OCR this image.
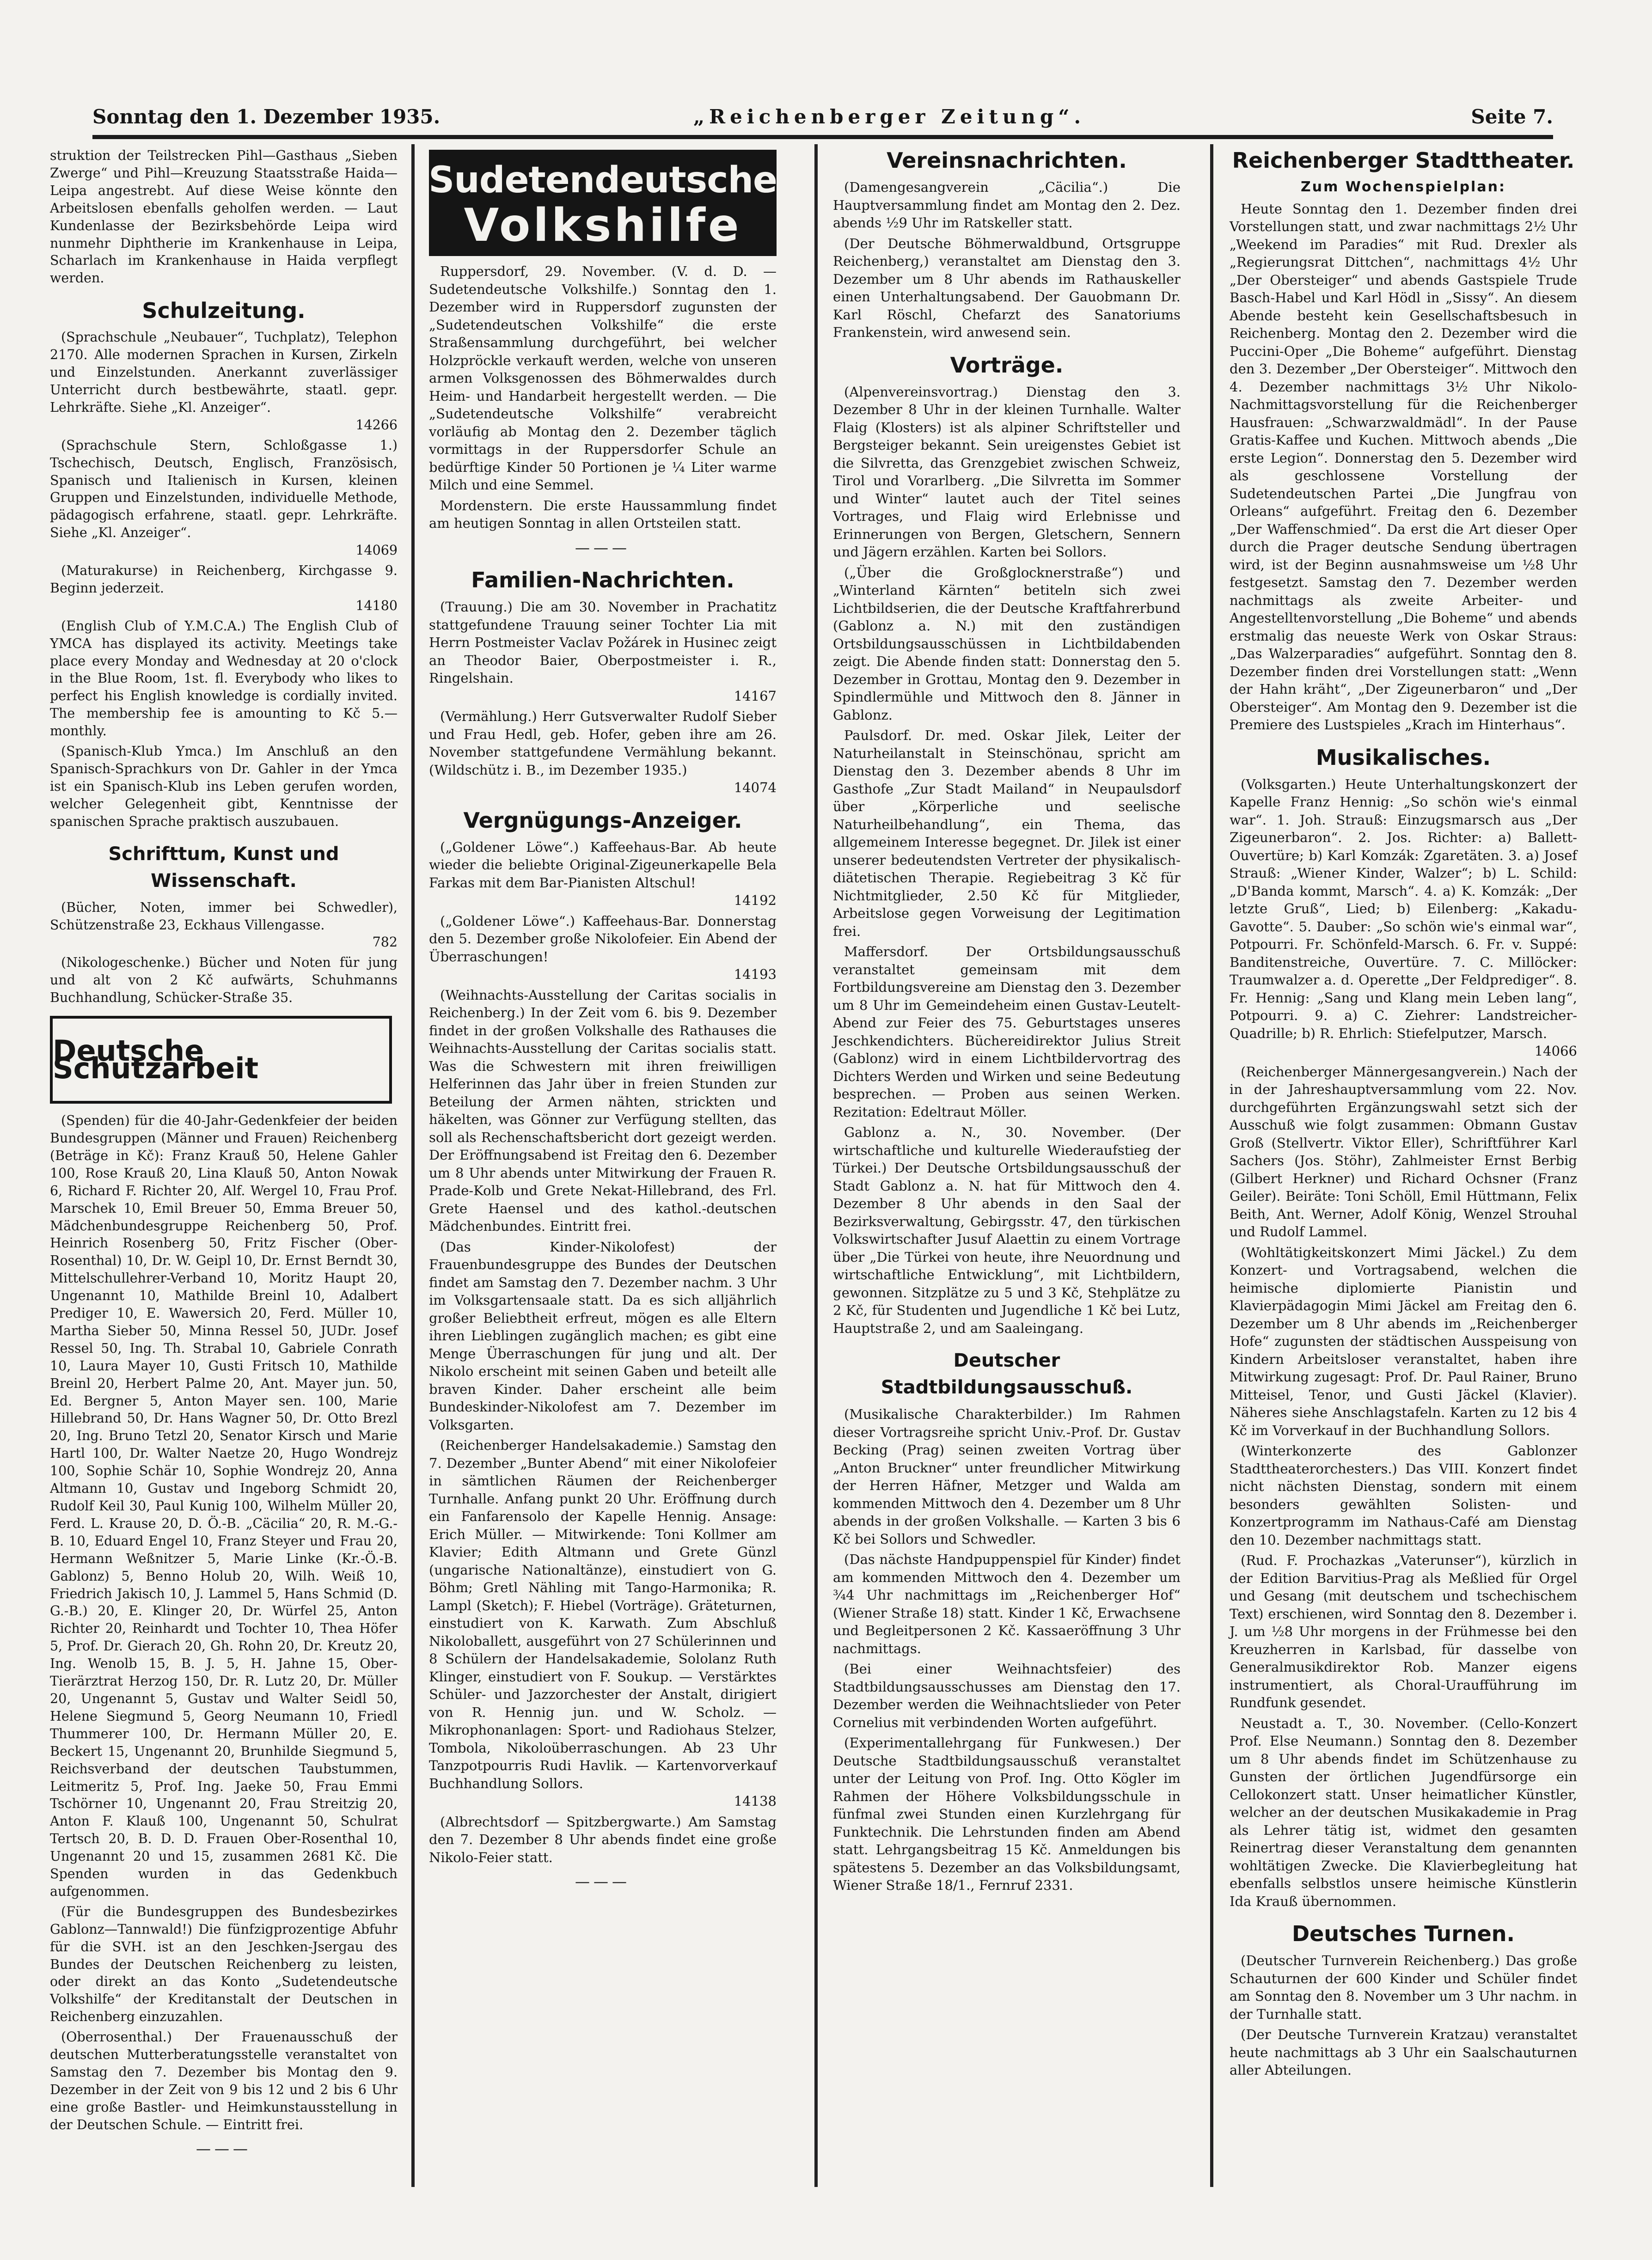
Sonntag den 1. Dezember 1935.	„Reichenberger Zeitung“.	Seite 7.

struktion der Teilstrecken Pihl—Gasthaus „Sieben Zwerge“ und Pihl—Kreuzung Staatsstraße Haida—Leipa angestrebt. Auf diese Weise könnte den Arbeitslosen ebenfalls geholfen werden. — Laut Kundenlasse der Bezirksbehörde Leipa wird nunmehr Diphtherie im Krankenhause in Leipa, Scharlach im Krankenhause in Haida verpflegt werden.

Schulzeitung.

(Sprachschule „Neubauer“, Tuchplatz), Telephon 2170. Alle modernen Sprachen in Kursen, Zirkeln und Einzelstunden. Anerkannt zuverlässiger Unterricht durch bestbewährte, staatl. gepr. Lehrkräfte. Siehe „Kl. Anzeiger“.
14266

(Sprachschule Stern, Schloßgasse 1.) Tschechisch, Deutsch, Englisch, Französisch, Spanisch und Italienisch in Kursen, kleinen Gruppen und Einzelstunden, individuelle Methode, pädagogisch erfahrene, staatl. gepr. Lehrkräfte. Siehe „Kl. Anzeiger“.
14069

(Maturakurse) in Reichenberg, Kirchgasse 9. Beginn jederzeit.
14180

(English Club of Y.M.C.A.) The English Club of YMCA has displayed its activity. Meetings take place every Monday and Wednesday at 20 o'clock in the Blue Room, 1st. fl. Everybody who likes to perfect his English knowledge is cordially invited. The membership fee is amounting to Kč 5.— monthly.

(Spanisch-Klub Ymca.) Im Anschluß an den Spanisch-Sprachkurs von Dr. Gahler in der Ymca ist ein Spanisch-Klub ins Leben gerufen worden, welcher Gelegenheit gibt, Kenntnisse der spanischen Sprache praktisch auszubauen.

Schrifttum, Kunst und Wissenschaft.

(Bücher, Noten, immer bei Schwedler), Schützenstraße 23, Eckhaus Villengasse.
782

(Nikologeschenke.) Bücher und Noten für jung und alt von 2 Kč aufwärts, Schuhmanns Buchhandlung, Schücker-Straße 35.

Deutsche Schutzarbeit

(Spenden) für die 40-Jahr-Gedenkfeier der beiden Bundesgruppen (Männer und Frauen) Reichenberg (Beträge in Kč): Franz Krauß 50, Helene Gahler 100, Rose Krauß 20, Lina Klauß 50, Anton Nowak 6, Richard F. Richter 20, Alf. Wergel 10, Frau Prof. Marschek 10, Emil Breuer 50, Emma Breuer 50, Mädchenbundesgruppe Reichenberg 50, Prof. Heinrich Rosenberg 50, Fritz Fischer (Ober-Rosenthal) 10, Dr. W. Geipl 10, Dr. Ernst Berndt 30, Mittelschullehrer-Verband 10, Moritz Haupt 20, Ungenannt 10, Mathilde Breinl 10, Adalbert Prediger 10, E. Wawersich 20, Ferd. Müller 10, Martha Sieber 50, Minna Ressel 50, JUDr. Josef Ressel 50, Ing. Th. Strabal 10, Gabriele Conrath 10, Laura Mayer 10, Gusti Fritsch 10, Mathilde Breinl 20, Herbert Palme 20, Ant. Mayer jun. 50, Ed. Bergner 5, Anton Mayer sen. 100, Marie Hillebrand 50, Dr. Hans Wagner 50, Dr. Otto Brezl 20, Ing. Bruno Tetzl 20, Senator Kirsch und Marie Hartl 100, Dr. Walter Naetze 20, Hugo Wondrejz 100, Sophie Schär 10, Sophie Wondrejz 20, Anna Altmann 10, Gustav und Ingeborg Schmidt 20, Rudolf Keil 30, Paul Kunig 100, Wilhelm Müller 20, Ferd. L. Krause 20, D. Ö.-B. „Cäcilia“ 20, R. M.-G.-B. 10, Eduard Engel 10, Franz Steyer und Frau 20, Hermann Weßnitzer 5, Marie Linke (Kr.-Ö.-B. Gablonz) 5, Benno Holub 20, Wilh. Weiß 10, Friedrich Jakisch 10, J. Lammel 5, Hans Schmid (D. G.-B.) 20, E. Klinger 20, Dr. Würfel 25, Anton Richter 20, Reinhardt und Tochter 10, Thea Höfer 5, Prof. Dr. Gierach 20, Gh. Rohn 20, Dr. Kreutz 20, Ing. Wenolb 15, B. J. 5, H. Jahne 15, Ober-Tierärztrat Herzog 150, Dr. R. Lutz 20, Dr. Müller 20, Ungenannt 5, Gustav und Walter Seidl 50, Helene Siegmund 5, Georg Neumann 10, Friedl Thummerer 100, Dr. Hermann Müller 20, E. Beckert 15, Ungenannt 20, Brunhilde Siegmund 5, Reichsverband der deutschen Taubstummen, Leitmeritz 5, Prof. Ing. Jaeke 50, Frau Emmi Tschörner 10, Ungenannt 20, Frau Streitzig 20, Anton F. Klauß 100, Ungenannt 50, Schulrat Tertsch 20, B. D. D. Frauen Ober-Rosenthal 10, Ungenannt 20 und 15, zusammen 2681 Kč. Die Spenden wurden in das Gedenkbuch aufgenommen.

(Für die Bundesgruppen des Bundesbezirkes Gablonz—Tannwald!) Die fünfzigprozentige Abfuhr für die SVH. ist an den Jeschken-Jsergau des Bundes der Deutschen Reichenberg zu leisten, oder direkt an das Konto „Sudetendeutsche Volkshilfe“ der Kreditanstalt der Deutschen in Reichenberg einzuzahlen.

(Oberrosenthal.) Der Frauenausschuß der deutschen Mutterberatungsstelle veranstaltet von Samstag den 7. Dezember bis Montag den 9. Dezember in der Zeit von 9 bis 12 und 2 bis 6 Uhr eine große Bastler- und Heimkunstausstellung in der Deutschen Schule. — Eintritt frei.

———
Sudetendeutsche
Volkshilfe

Ruppersdorf, 29. November. (V. d. D. — Sudetendeutsche Volkshilfe.) Sonntag den 1. Dezember wird in Ruppersdorf zugunsten der „Sudetendeutschen Volkshilfe“ die erste Straßensammlung durchgeführt, bei welcher Holzpröckle verkauft werden, welche von unseren armen Volksgenossen des Böhmerwaldes durch Heim- und Handarbeit hergestellt werden. — Die „Sudetendeutsche Volkshilfe“ verabreicht vorläufig ab Montag den 2. Dezember täglich vormittags in der Ruppersdorfer Schule an bedürftige Kinder 50 Portionen je ¼ Liter warme Milch und eine Semmel.

Mordenstern. Die erste Haussammlung findet am heutigen Sonntag in allen Ortsteilen statt.

———
Familien-Nachrichten.

(Trauung.) Die am 30. November in Prachatitz stattgefundene Trauung seiner Tochter Lia mit Herrn Postmeister Vaclav Požárek in Husinec zeigt an Theodor Baier, Oberpostmeister i. R., Ringelshain.
14167

(Vermählung.) Herr Gutsverwalter Rudolf Sieber und Frau Hedl, geb. Hofer, geben ihre am 26. November stattgefundene Vermählung bekannt. (Wildschütz i. B., im Dezember 1935.)
14074

Vergnügungs-Anzeiger.

(„Goldener Löwe“.) Kaffeehaus-Bar. Ab heute wieder die beliebte Original-Zigeunerkapelle Bela Farkas mit dem Bar-Pianisten Altschul!
14192

(„Goldener Löwe“.) Kaffeehaus-Bar. Donnerstag den 5. Dezember große Nikolofeier. Ein Abend der Überraschungen!
14193

(Weihnachts-Ausstellung der Caritas socialis in Reichenberg.) In der Zeit vom 6. bis 9. Dezember findet in der großen Volkshalle des Rathauses die Weihnachts-Ausstellung der Caritas socialis statt. Was die Schwestern mit ihren freiwilligen Helferinnen das Jahr über in freien Stunden zur Beteilung der Armen nähten, strickten und häkelten, was Gönner zur Verfügung stellten, das soll als Rechenschaftsbericht dort gezeigt werden. Der Eröffnungsabend ist Freitag den 6. Dezember um 8 Uhr abends unter Mitwirkung der Frauen R. Prade-Kolb und Grete Nekat-Hillebrand, des Frl. Grete Haensel und des kathol.-deutschen Mädchenbundes. Eintritt frei.

(Das Kinder-Nikolofest) der Frauenbundesgruppe des Bundes der Deutschen findet am Samstag den 7. Dezember nachm. 3 Uhr im Volksgartensaale statt. Da es sich alljährlich großer Beliebtheit erfreut, mögen es alle Eltern ihren Lieblingen zugänglich machen; es gibt eine Menge Überraschungen für jung und alt. Der Nikolo erscheint mit seinen Gaben und beteilt alle braven Kinder. Daher erscheint alle beim Bundeskinder-Nikolofest am 7. Dezember im Volksgarten.

(Reichenberger Handelsakademie.) Samstag den 7. Dezember „Bunter Abend“ mit einer Nikolofeier in sämtlichen Räumen der Reichenberger Turnhalle. Anfang punkt 20 Uhr. Eröffnung durch ein Fanfarensolo der Kapelle Hennig. Ansage: Erich Müller. — Mitwirkende: Toni Kollmer am Klavier; Edith Altmann und Grete Günzl (ungarische Nationaltänze), einstudiert von G. Böhm; Gretl Nähling mit Tango-Harmonika; R. Lampl (Sketch); F. Hiebel (Vorträge). Gräteturnen, einstudiert von K. Karwath. Zum Abschluß Nikoloballett, ausgeführt von 27 Schülerinnen und 8 Schülern der Handelsakademie, Sololanz Ruth Klinger, einstudiert von F. Soukup. — Verstärktes Schüler- und Jazzorchester der Anstalt, dirigiert von R. Hennig jun. und W. Scholz. — Mikrophonanlagen: Sport- und Radiohaus Stelzer, Tombola, Nikoloüberraschungen. Ab 23 Uhr Tanzpotpourris Rudi Havlik. — Kartenvorverkauf Buchhandlung Sollors.
14138

(Albrechtsdorf — Spitzbergwarte.) Am Samstag den 7. Dezember 8 Uhr abends findet eine große Nikolo-Feier statt.

———
Vereinsnachrichten.

(Damengesangverein „Cäcilia“.) Die Hauptversammlung findet am Montag den 2. Dez. abends ½9 Uhr im Ratskeller statt.

(Der Deutsche Böhmerwaldbund, Ortsgruppe Reichenberg,) veranstaltet am Dienstag den 3. Dezember um 8 Uhr abends im Rathauskeller einen Unterhaltungsabend. Der Gauobmann Dr. Karl Röschl, Chefarzt des Sanatoriums Frankenstein, wird anwesend sein.

Vorträge.

(Alpenvereinsvortrag.) Dienstag den 3. Dezember 8 Uhr in der kleinen Turnhalle. Walter Flaig (Klosters) ist als alpiner Schriftsteller und Bergsteiger bekannt. Sein ureigenstes Gebiet ist die Silvretta, das Grenzgebiet zwischen Schweiz, Tirol und Vorarlberg. „Die Silvretta im Sommer und Winter“ lautet auch der Titel seines Vortrages, und Flaig wird Erlebnisse und Erinnerungen von Bergen, Gletschern, Sennern und Jägern erzählen. Karten bei Sollors.

(„Über die Großglocknerstraße“) und „Winterland Kärnten“ betiteln sich zwei Lichtbildserien, die der Deutsche Kraftfahrerbund (Gablonz a. N.) mit den zuständigen Ortsbildungsausschüssen in Lichtbildabenden zeigt. Die Abende finden statt: Donnerstag den 5. Dezember in Grottau, Montag den 9. Dezember in Spindlermühle und Mittwoch den 8. Jänner in Gablonz.

Paulsdorf. Dr. med. Oskar Jilek, Leiter der Naturheilanstalt in Steinschönau, spricht am Dienstag den 3. Dezember abends 8 Uhr im Gasthofe „Zur Stadt Mailand“ in Neupaulsdorf über „Körperliche und seelische Naturheilbehandlung“, ein Thema, das allgemeinem Interesse begegnet. Dr. Jilek ist einer unserer bedeutendsten Vertreter der physikalisch-diätetischen Therapie. Regiebeitrag 3 Kč für Nichtmitglieder, 2.50 Kč für Mitglieder, Arbeitslose gegen Vorweisung der Legitimation frei.

Maffersdorf. Der Ortsbildungsausschuß veranstaltet gemeinsam mit dem Fortbildungsvereine am Dienstag den 3. Dezember um 8 Uhr im Gemeindeheim einen Gustav-Leutelt-Abend zur Feier des 75. Geburtstages unseres Jeschkendichters. Büchereidirektor Julius Streit (Gablonz) wird in einem Lichtbildervortrag des Dichters Werden und Wirken und seine Bedeutung besprechen. — Proben aus seinen Werken. Rezitation: Edeltraut Möller.

Gablonz a. N., 30. November. (Der wirtschaftliche und kulturelle Wiederaufstieg der Türkei.) Der Deutsche Ortsbildungsausschuß der Stadt Gablonz a. N. hat für Mittwoch den 4. Dezember 8 Uhr abends in den Saal der Bezirksverwaltung, Gebirgsstr. 47, den türkischen Volkswirtschafter Jusuf Alaettin zu einem Vortrage über „Die Türkei von heute, ihre Neuordnung und wirtschaftliche Entwicklung“, mit Lichtbildern, gewonnen. Sitzplätze zu 5 und 3 Kč, Stehplätze zu 2 Kč, für Studenten und Jugendliche 1 Kč bei Lutz, Hauptstraße 2, und am Saaleingang.

Deutscher Stadtbildungsausschuß.

(Musikalische Charakterbilder.) Im Rahmen dieser Vortragsreihe spricht Univ.-Prof. Dr. Gustav Becking (Prag) seinen zweiten Vortrag über „Anton Bruckner“ unter freundlicher Mitwirkung der Herren Häfner, Metzger und Walda am kommenden Mittwoch den 4. Dezember um 8 Uhr abends in der großen Volkshalle. — Karten 3 bis 6 Kč bei Sollors und Schwedler.

(Das nächste Handpuppenspiel für Kinder) findet am kommenden Mittwoch den 4. Dezember um ¾4 Uhr nachmittags im „Reichenberger Hof“ (Wiener Straße 18) statt. Kinder 1 Kč, Erwachsene und Begleitpersonen 2 Kč. Kassaeröffnung 3 Uhr nachmittags.

(Bei einer Weihnachtsfeier) des Stadtbildungsausschusses am Dienstag den 17. Dezember werden die Weihnachtslieder von Peter Cornelius mit verbindenden Worten aufgeführt.

(Experimentallehrgang für Funkwesen.) Der Deutsche Stadtbildungsausschuß veranstaltet unter der Leitung von Prof. Ing. Otto Kögler im Rahmen der Höhere Volksbildungsschule in fünfmal zwei Stunden einen Kurzlehrgang für Funktechnik. Die Lehrstunden finden am Abend statt. Lehrgangsbeitrag 15 Kč. Anmeldungen bis spätestens 5. Dezember an das Volksbildungsamt, Wiener Straße 18/1., Fernruf 2331.

Reichenberger Stadttheater.
Zum Wochenspielplan:

Heute Sonntag den 1. Dezember finden drei Vorstellungen statt, und zwar nachmittags 2½ Uhr „Weekend im Paradies“ mit Rud. Drexler als „Regierungsrat Dittchen“, nachmittags 4½ Uhr „Der Obersteiger“ und abends Gastspiele Trude Basch-Habel und Karl Hödl in „Sissy“. An diesem Abende besteht kein Gesellschaftsbesuch in Reichenberg. Montag den 2. Dezember wird die Puccini-Oper „Die Boheme“ aufgeführt. Dienstag den 3. Dezember „Der Obersteiger“. Mittwoch den 4. Dezember nachmittags 3½ Uhr Nikolo-Nachmittagsvorstellung für die Reichenberger Hausfrauen: „Schwarzwaldmädl“. In der Pause Gratis-Kaffee und Kuchen. Mittwoch abends „Die erste Legion“. Donnerstag den 5. Dezember wird als geschlossene Vorstellung der Sudetendeutschen Partei „Die Jungfrau von Orleans“ aufgeführt. Freitag den 6. Dezember „Der Waffenschmied“. Da erst die Art dieser Oper durch die Prager deutsche Sendung übertragen wird, ist der Beginn ausnahmsweise um ½8 Uhr festgesetzt. Samstag den 7. Dezember werden nachmittags als zweite Arbeiter- und Angestelltenvorstellung „Die Boheme“ und abends erstmalig das neueste Werk von Oskar Straus: „Das Walzerparadies“ aufgeführt. Sonntag den 8. Dezember finden drei Vorstellungen statt: „Wenn der Hahn kräht“, „Der Zigeunerbaron“ und „Der Obersteiger“. Am Montag den 9. Dezember ist die Premiere des Lustspieles „Krach im Hinterhaus“.

Musikalisches.

(Volksgarten.) Heute Unterhaltungskonzert der Kapelle Franz Hennig: „So schön wie's einmal war“. 1. Joh. Strauß: Einzugsmarsch aus „Der Zigeunerbaron“. 2. Jos. Richter: a) Ballett-Ouvertüre; b) Karl Komzák: Zgaretäten. 3. a) Josef Strauß: „Wiener Kinder, Walzer“; b) L. Schild: „D'Banda kommt, Marsch“. 4. a) K. Komzák: „Der letzte Gruß“, Lied; b) Eilenberg: „Kakadu-Gavotte“. 5. Dauber: „So schön wie's einmal war“, Potpourri. Fr. Schönfeld-Marsch. 6. Fr. v. Suppé: Banditenstreiche, Ouvertüre. 7. C. Millöcker: Traumwalzer a. d. Operette „Der Feldprediger“. 8. Fr. Hennig: „Sang und Klang mein Leben lang“, Potpourri. 9. a) C. Ziehrer: Landstreicher-Quadrille; b) R. Ehrlich: Stiefelputzer, Marsch.
14066

(Reichenberger Männergesangverein.) Nach der in der Jahreshauptversammlung vom 22. Nov. durchgeführten Ergänzungswahl setzt sich der Ausschuß wie folgt zusammen: Obmann Gustav Groß (Stellvertr. Viktor Eller), Schriftführer Karl Sachers (Jos. Stöhr), Zahlmeister Ernst Berbig (Gilbert Herkner) und Richard Ochsner (Franz Geiler). Beiräte: Toni Schöll, Emil Hüttmann, Felix Beith, Ant. Werner, Adolf König, Wenzel Strouhal und Rudolf Lammel.

(Wohltätigkeitskonzert Mimi Jäckel.) Zu dem Konzert- und Vortragsabend, welchen die heimische diplomierte Pianistin und Klavierpädagogin Mimi Jäckel am Freitag den 6. Dezember um 8 Uhr abends im „Reichenberger Hofe“ zugunsten der städtischen Ausspeisung von Kindern Arbeitsloser veranstaltet, haben ihre Mitwirkung zugesagt: Prof. Dr. Paul Rainer, Bruno Mitteisel, Tenor, und Gusti Jäckel (Klavier). Näheres siehe Anschlagstafeln. Karten zu 12 bis 4 Kč im Vorverkauf in der Buchhandlung Sollors.

(Winterkonzerte des Gablonzer Stadttheaterorchesters.) Das VIII. Konzert findet nicht nächsten Dienstag, sondern mit einem besonders gewählten Solisten- und Konzertprogramm im Nathaus-Café am Dienstag den 10. Dezember nachmittags statt.

(Rud. F. Prochazkas „Vaterunser“), kürzlich in der Edition Barvitius-Prag als Meßlied für Orgel und Gesang (mit deutschem und tschechischem Text) erschienen, wird Sonntag den 8. Dezember i. J. um ½8 Uhr morgens in der Frühmesse bei den Kreuzherren in Karlsbad, für dasselbe von Generalmusikdirektor Rob. Manzer eigens instrumentiert, als Choral-Uraufführung im Rundfunk gesendet.

Neustadt a. T., 30. November. (Cello-Konzert Prof. Else Neumann.) Sonntag den 8. Dezember um 8 Uhr abends findet im Schützenhause zu Gunsten der örtlichen Jugendfürsorge ein Cellokonzert statt. Unser heimatlicher Künstler, welcher an der deutschen Musikakademie in Prag als Lehrer tätig ist, widmet den gesamten Reinertrag dieser Veranstaltung dem genannten wohltätigen Zwecke. Die Klavierbegleitung hat ebenfalls selbstlos unsere heimische Künstlerin Ida Krauß übernommen.

Deutsches Turnen.

(Deutscher Turnverein Reichenberg.) Das große Schauturnen der 600 Kinder und Schüler findet am Sonntag den 8. November um 3 Uhr nachm. in der Turnhalle statt.

(Der Deutsche Turnverein Kratzau) veranstaltet heute nachmittags ab 3 Uhr ein Saalschauturnen aller Abteilungen.
